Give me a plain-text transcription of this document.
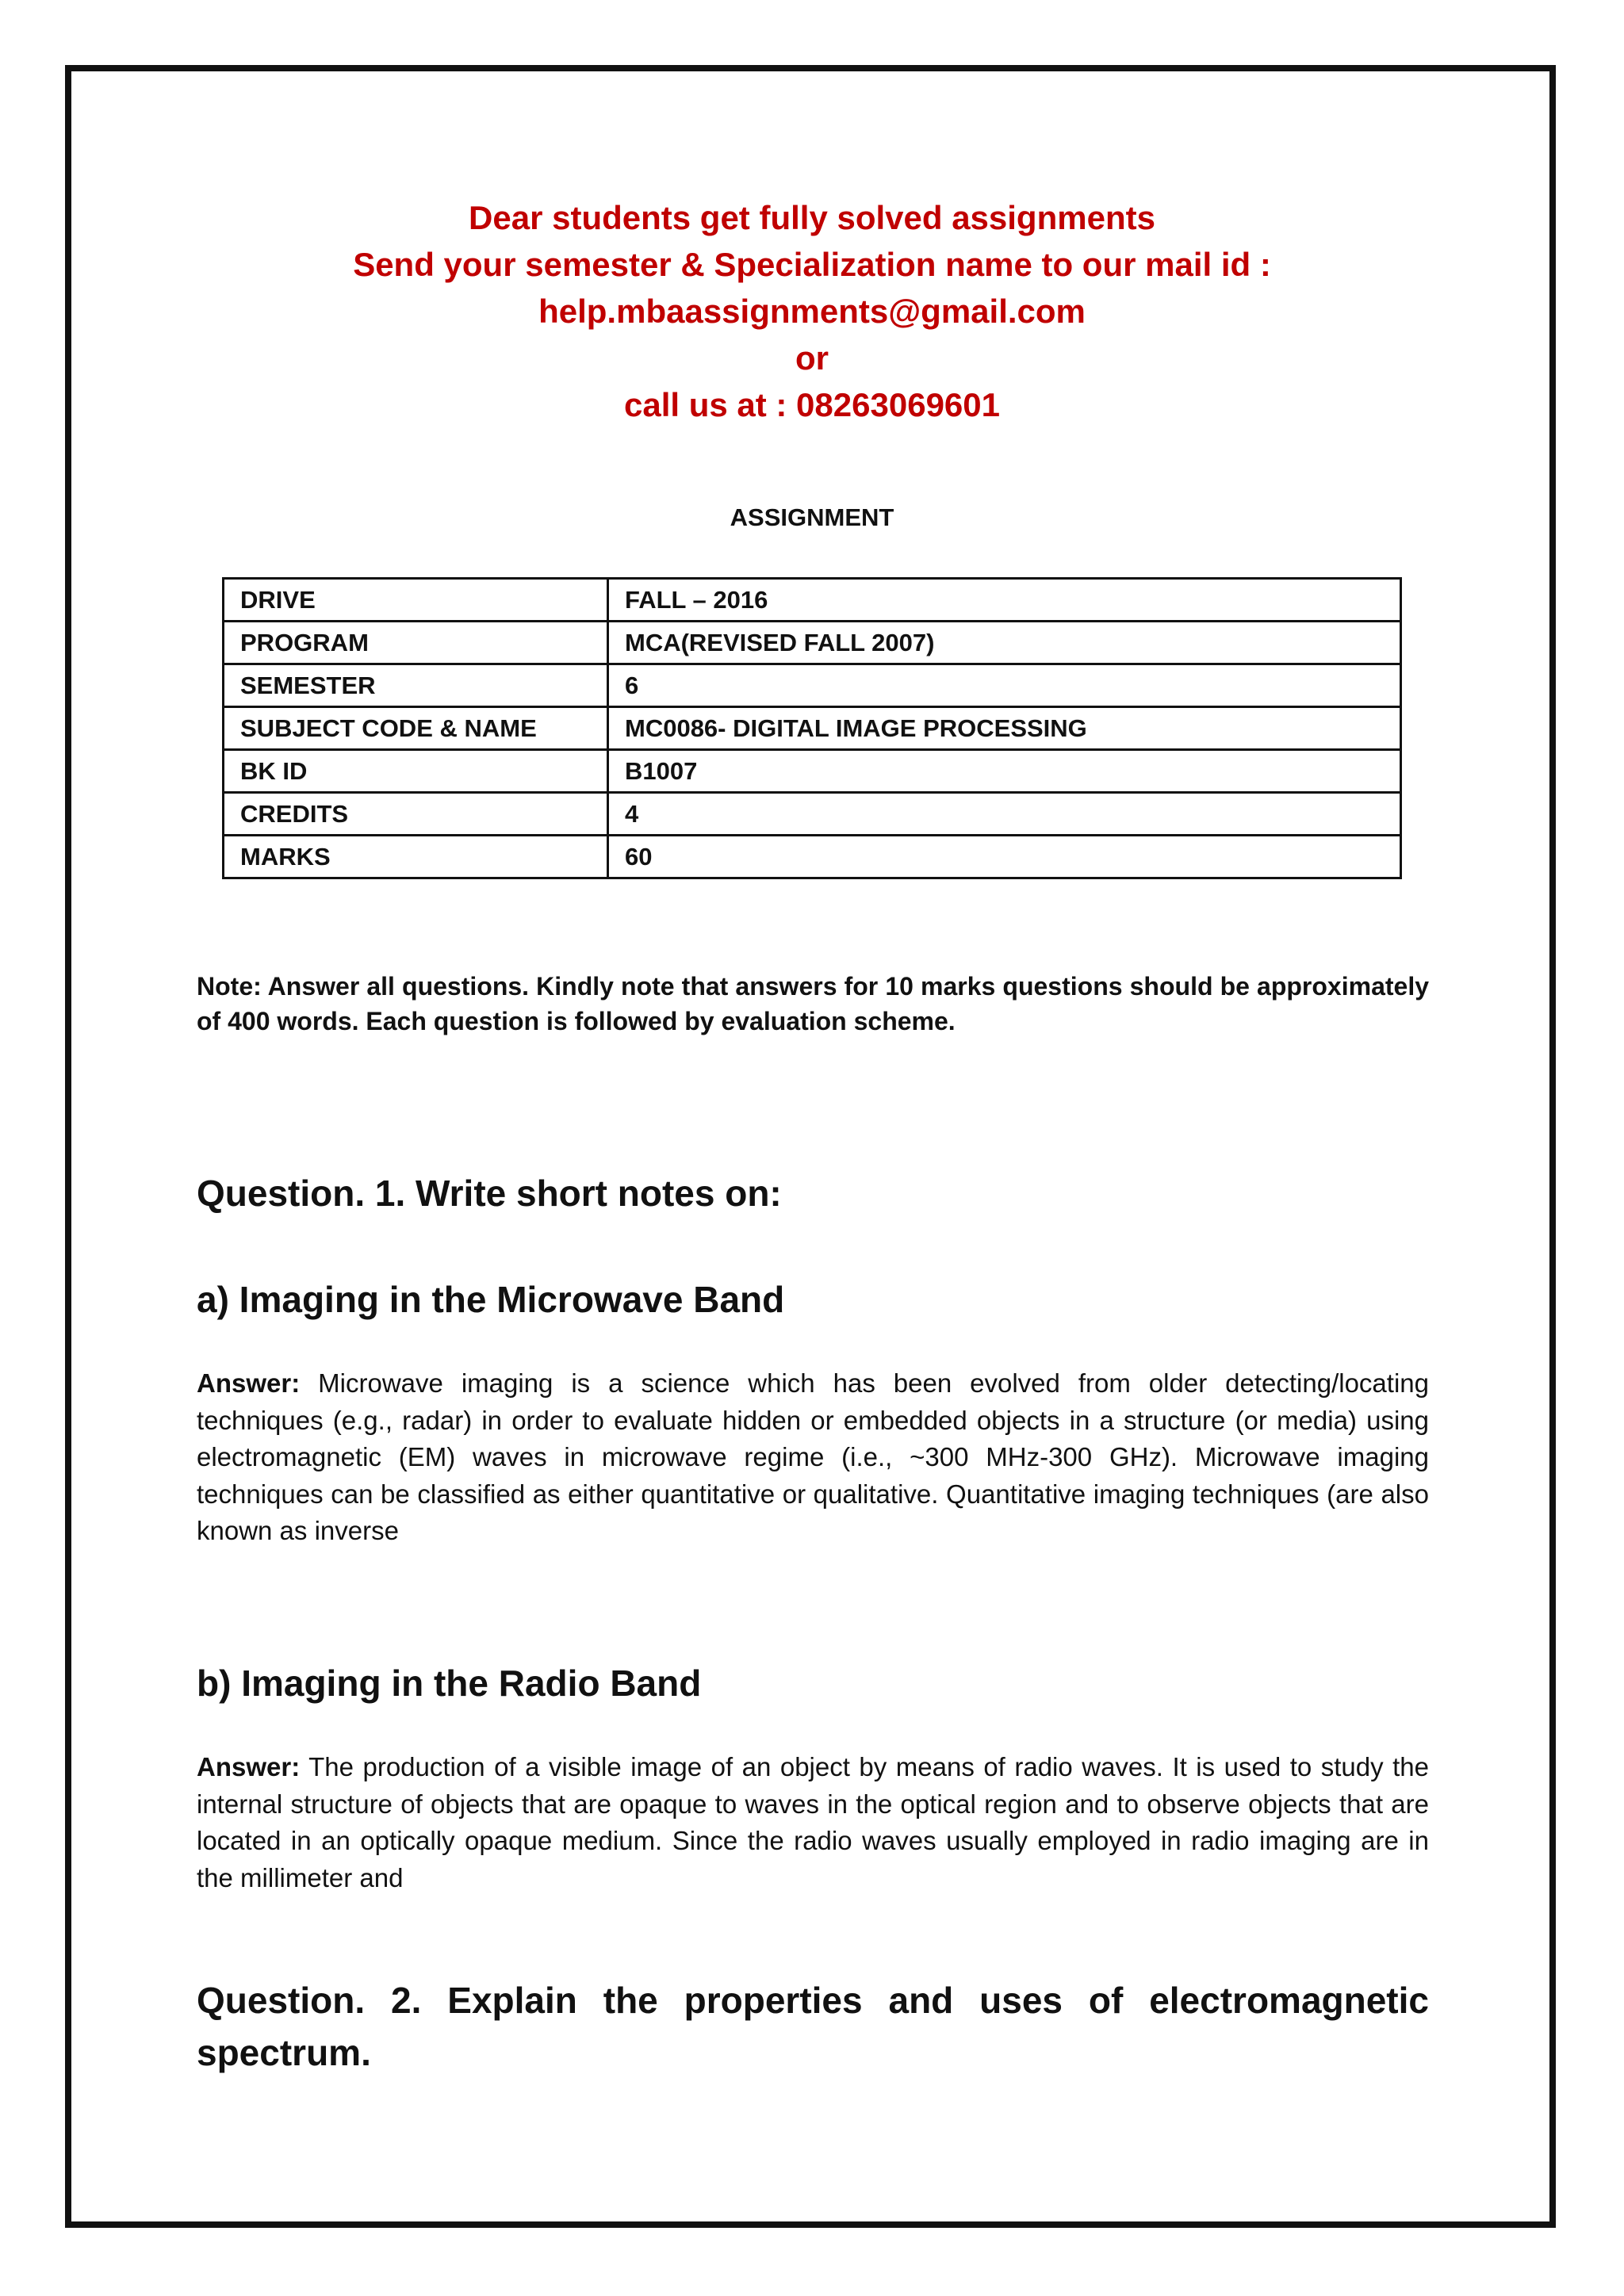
Dear students get fully solved assignments
Send your semester & Specialization name to our mail id :
help.mbaassignments@gmail.com
or
call us at : 08263069601
ASSIGNMENT
DRIVE	FALL – 2016
PROGRAM	MCA(REVISED FALL 2007)
SEMESTER	6
SUBJECT CODE & NAME	MC0086- DIGITAL IMAGE PROCESSING
BK ID	B1007
CREDITS	4
MARKS	60
Note: Answer all questions. Kindly note that answers for 10 marks questions should be approximately of 400 words. Each question is followed by evaluation scheme.
Question. 1. Write short notes on:
a) Imaging in the Microwave Band
Answer: Microwave imaging is a science which has been evolved from older detecting/locating techniques (e.g., radar) in order to evaluate hidden or embedded objects in a structure (or media) using electromagnetic (EM) waves in microwave regime (i.e., ~300 MHz-300 GHz). Microwave imaging techniques can be classified as either quantitative or qualitative. Quantitative imaging techniques (are also known as inverse
b) Imaging in the Radio Band
Answer: The production of a visible image of an object by means of radio waves. It is used to study the internal structure of objects that are opaque to waves in the optical region and to observe objects that are located in an optically opaque medium. Since the radio waves usually employed in radio imaging are in the millimeter and
Question. 2. Explain the properties and uses of electromagnetic spectrum.
